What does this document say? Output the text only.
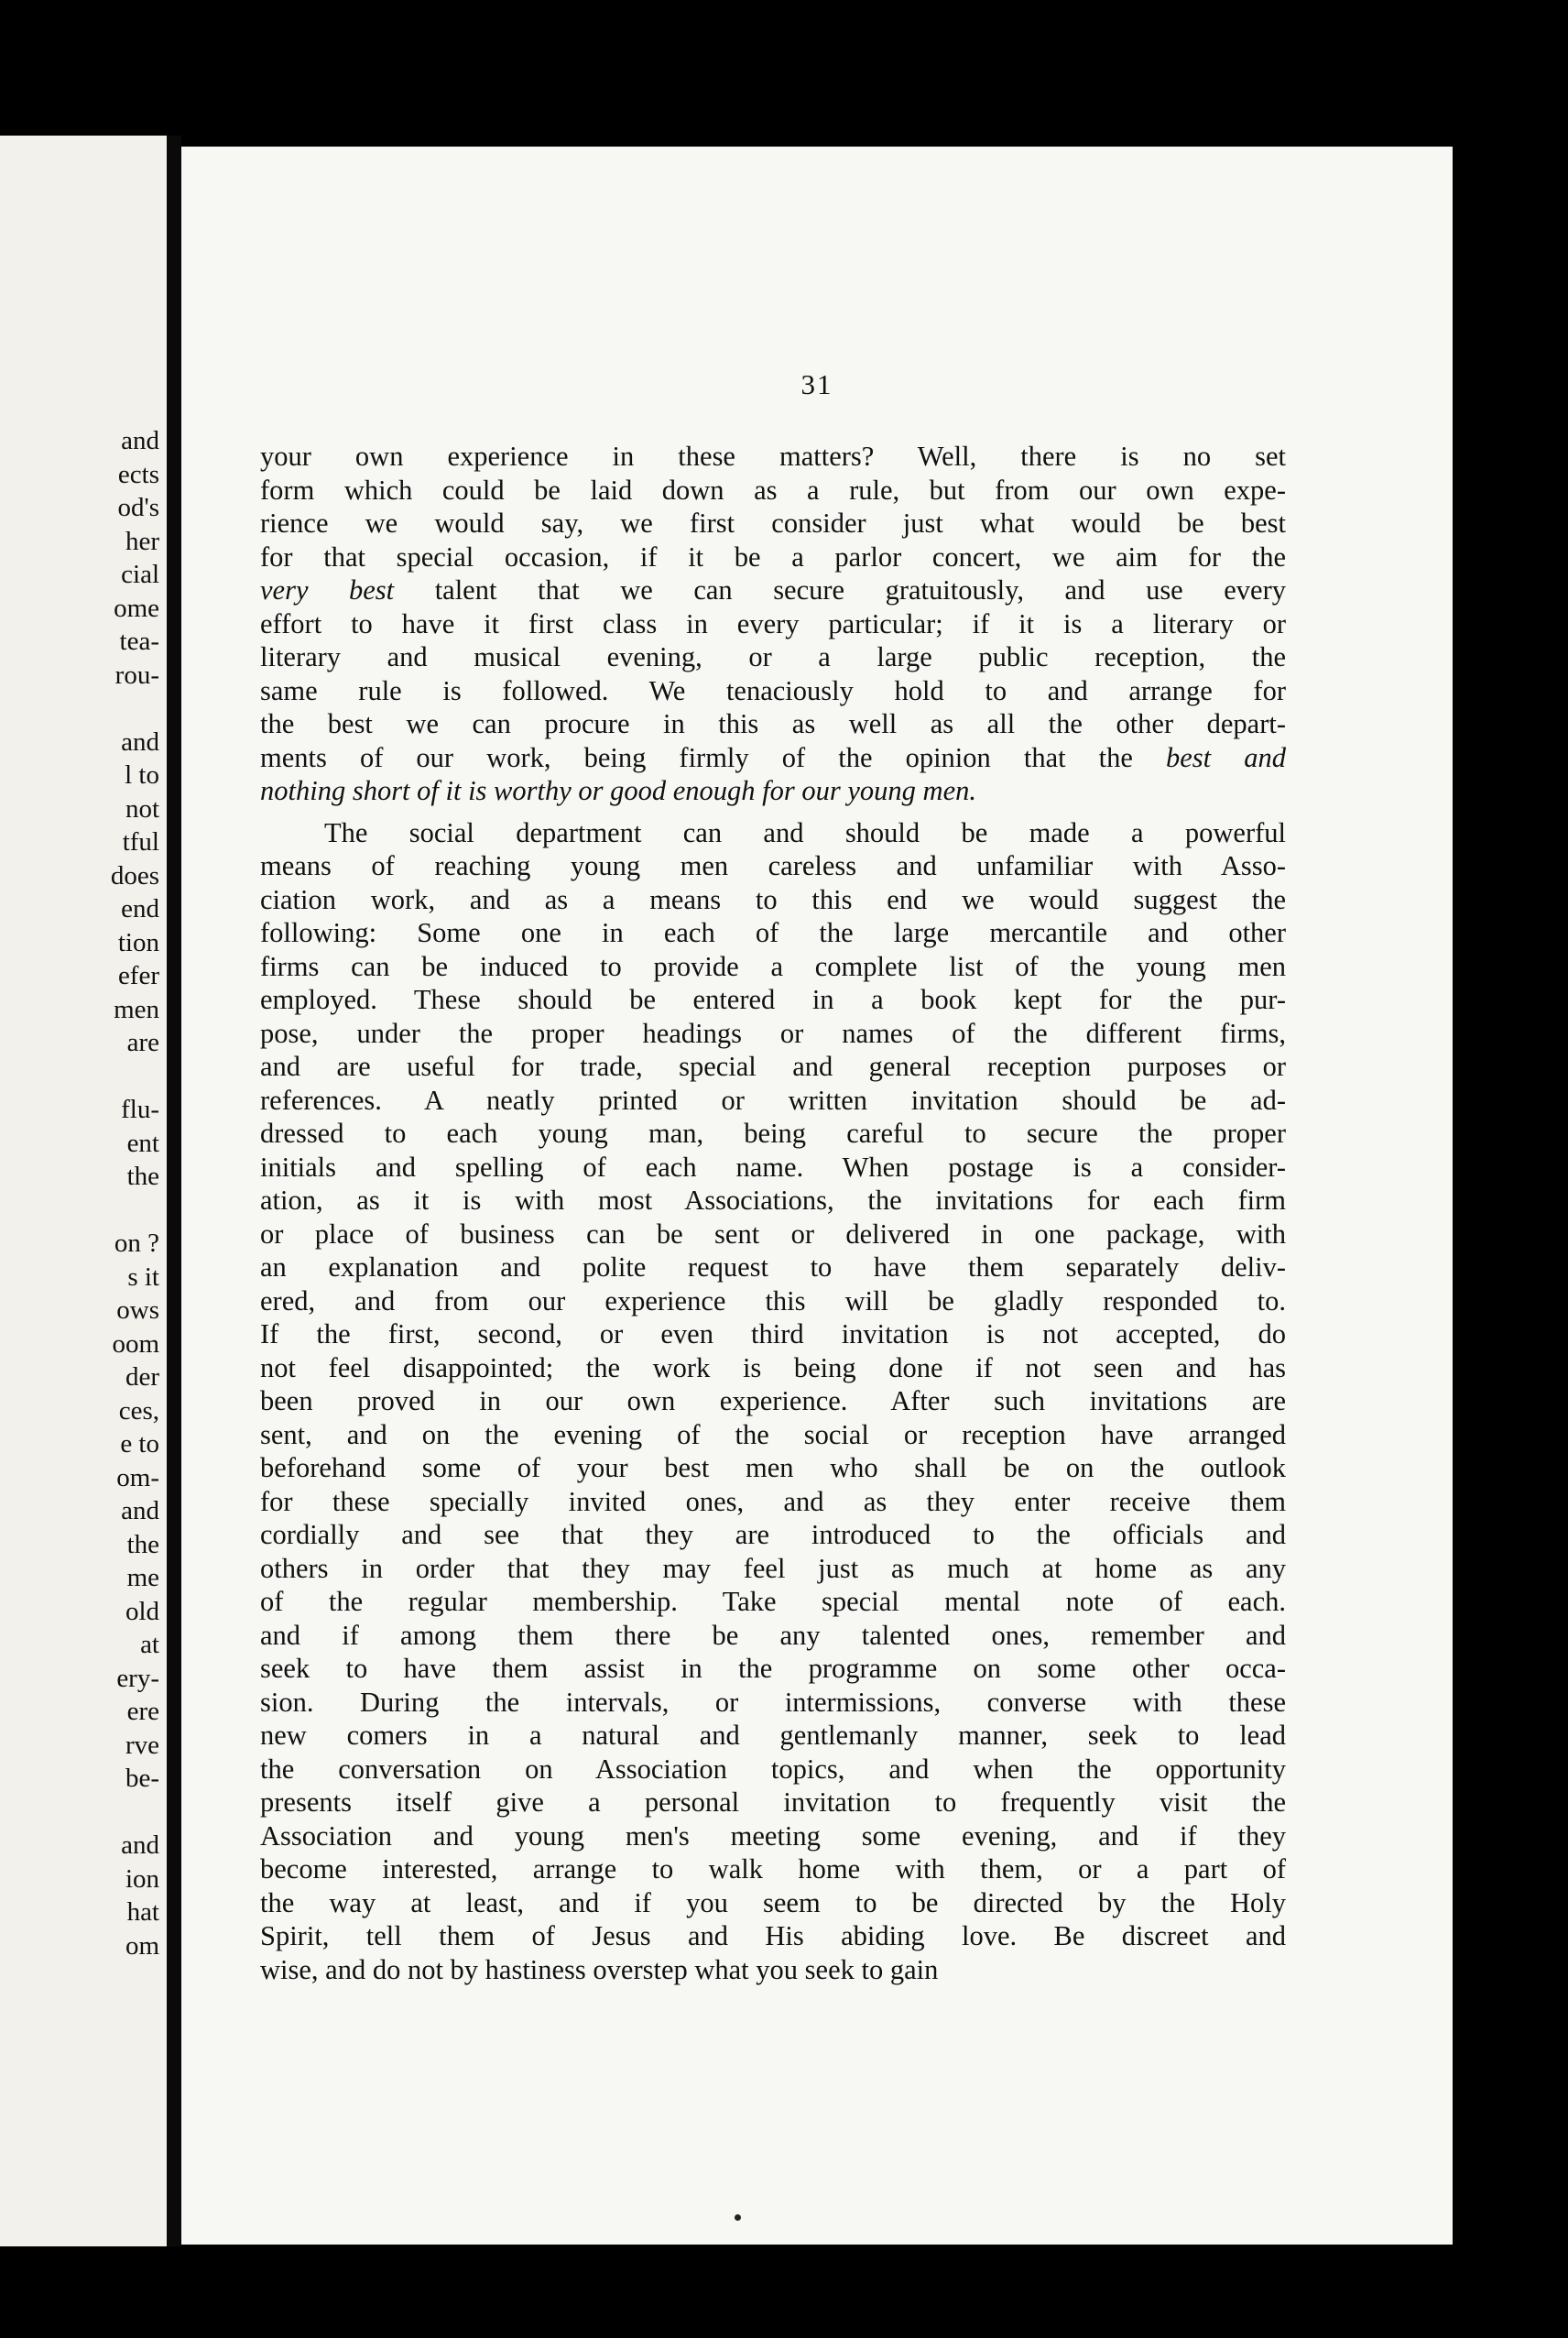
and
ects
od's
her
cial
ome
tea-
rou-
and
l to
not
tful
does
end
tion
efer
men
are
flu-
ent
the
on ?
s it
ows
oom
der
ces,
e to
om-
and
the
me
old
at
ery-
ere
rve
be-
and
ion
hat
om
31
your own experience in these matters? Well, there is no set
form which could be laid down as a rule, but from our own expe-
rience we would say, we first consider just what would be best
for that special occasion, if it be a parlor concert, we aim for the
very best talent that we can secure gratuitously, and use every
effort to have it first class in every particular; if it is a literary or
literary and musical evening, or a large public reception, the
same rule is followed. We tenaciously hold to and arrange for
the best we can procure in this as well as all the other depart-
ments of our work, being firmly of the opinion that the best and
nothing short of it is worthy or good enough for our young men.
The social department can and should be made a powerful
means of reaching young men careless and unfamiliar with Asso-
ciation work, and as a means to this end we would suggest the
following: Some one in each of the large mercantile and other
firms can be induced to provide a complete list of the young men
employed. These should be entered in a book kept for the pur-
pose, under the proper headings or names of the different firms,
and are useful for trade, special and general reception purposes or
references. A neatly printed or written invitation should be ad-
dressed to each young man, being careful to secure the proper
initials and spelling of each name. When postage is a consider-
ation, as it is with most Associations, the invitations for each firm
or place of business can be sent or delivered in one package, with
an explanation and polite request to have them separately deliv-
ered, and from our experience this will be gladly responded to.
If the first, second, or even third invitation is not accepted, do
not feel disappointed; the work is being done if not seen and has
been proved in our own experience. After such invitations are
sent, and on the evening of the social or reception have arranged
beforehand some of your best men who shall be on the outlook
for these specially invited ones, and as they enter receive them
cordially and see that they are introduced to the officials and
others in order that they may feel just as much at home as any
of the regular membership. Take special mental note of each.
and if among them there be any talented ones, remember and
seek to have them assist in the programme on some other occa-
sion. During the intervals, or intermissions, converse with these
new comers in a natural and gentlemanly manner, seek to lead
the conversation on Association topics, and when the opportunity
presents itself give a personal invitation to frequently visit the
Association and young men's meeting some evening, and if they
become interested, arrange to walk home with them, or a part of
the way at least, and if you seem to be directed by the Holy
Spirit, tell them of Jesus and His abiding love. Be discreet and
wise, and do not by hastiness overstep what you seek to gain
